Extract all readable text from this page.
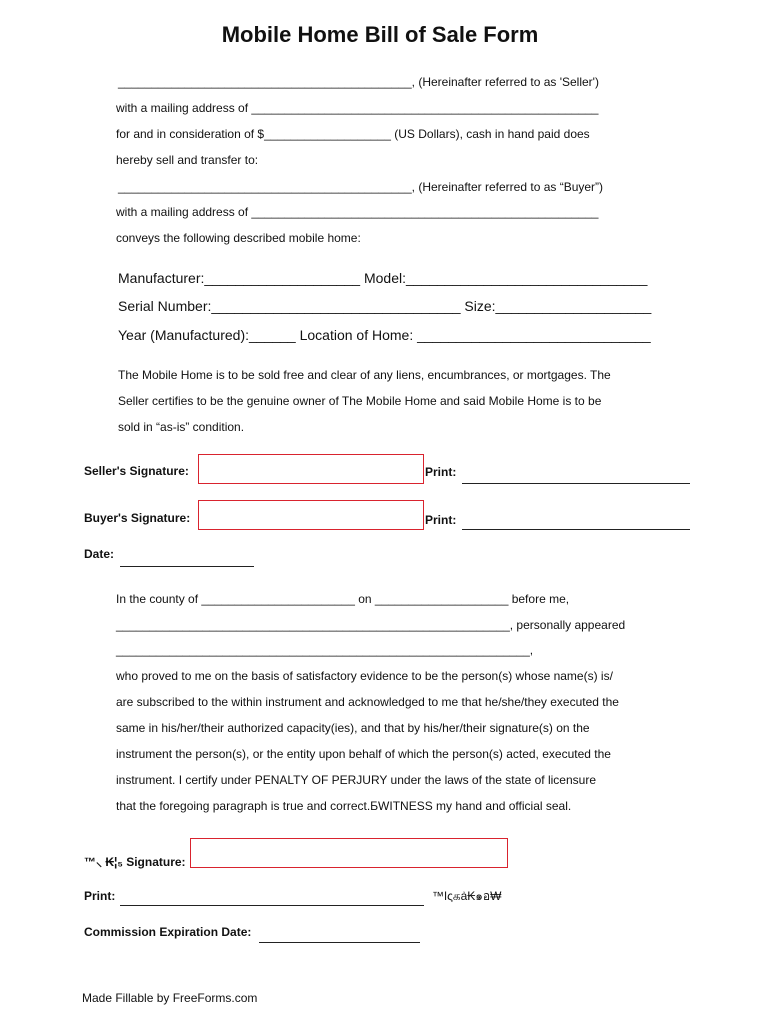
Mobile Home Bill of Sale Form
____________________________________________, (Hereinafter referred to as 'Seller')
with a mailing address of ____________________________________________________
for and in consideration of $___________________ (US Dollars), cash in hand paid does
hereby sell and transfer to:
____________________________________________, (Hereinafter referred to as “Buyer”)
with a mailing address of ____________________________________________________
conveys the following described mobile home:
Manufacturer:____________________ Model:_______________________________
Serial Number:________________________________ Size:____________________
Year (Manufactured):______ Location of Home: ______________________________
The Mobile Home is to be sold free and clear of any liens, encumbrances, or mortgages. The
Seller certifies to be the genuine owner of The Mobile Home and said Mobile Home is to be
sold in “as-is” condition.
Seller's Signature:	Print:
Buyer's Signature:	Print:
Date:
In the county of _______________________ on ____________________ before me,
___________________________________________________________, personally appeared
______________________________________________________________,
who proved to me on the basis of satisfactory evidence to be the person(s) whose name(s) is/
are subscribed to the within instrument and acknowledged to me that he/she/they executed the
same in his/her/their authorized capacity(ies), and that by his/her/their signature(s) on the
instrument the person(s), or the entity upon behalf of which the person(s) acted, executed the
instrument. I certify under PENALTY OF PERJURY under the laws of the state of licensure
that the foregoing paragraph is true and correct.ƂWITNESS my hand and official seal.
™⸜ ₭¦₅ Signature:
Print:	™ǀςகẚ₭๑อ₩
Commission Expiration Date:
Made Fillable by FreeForms.com
